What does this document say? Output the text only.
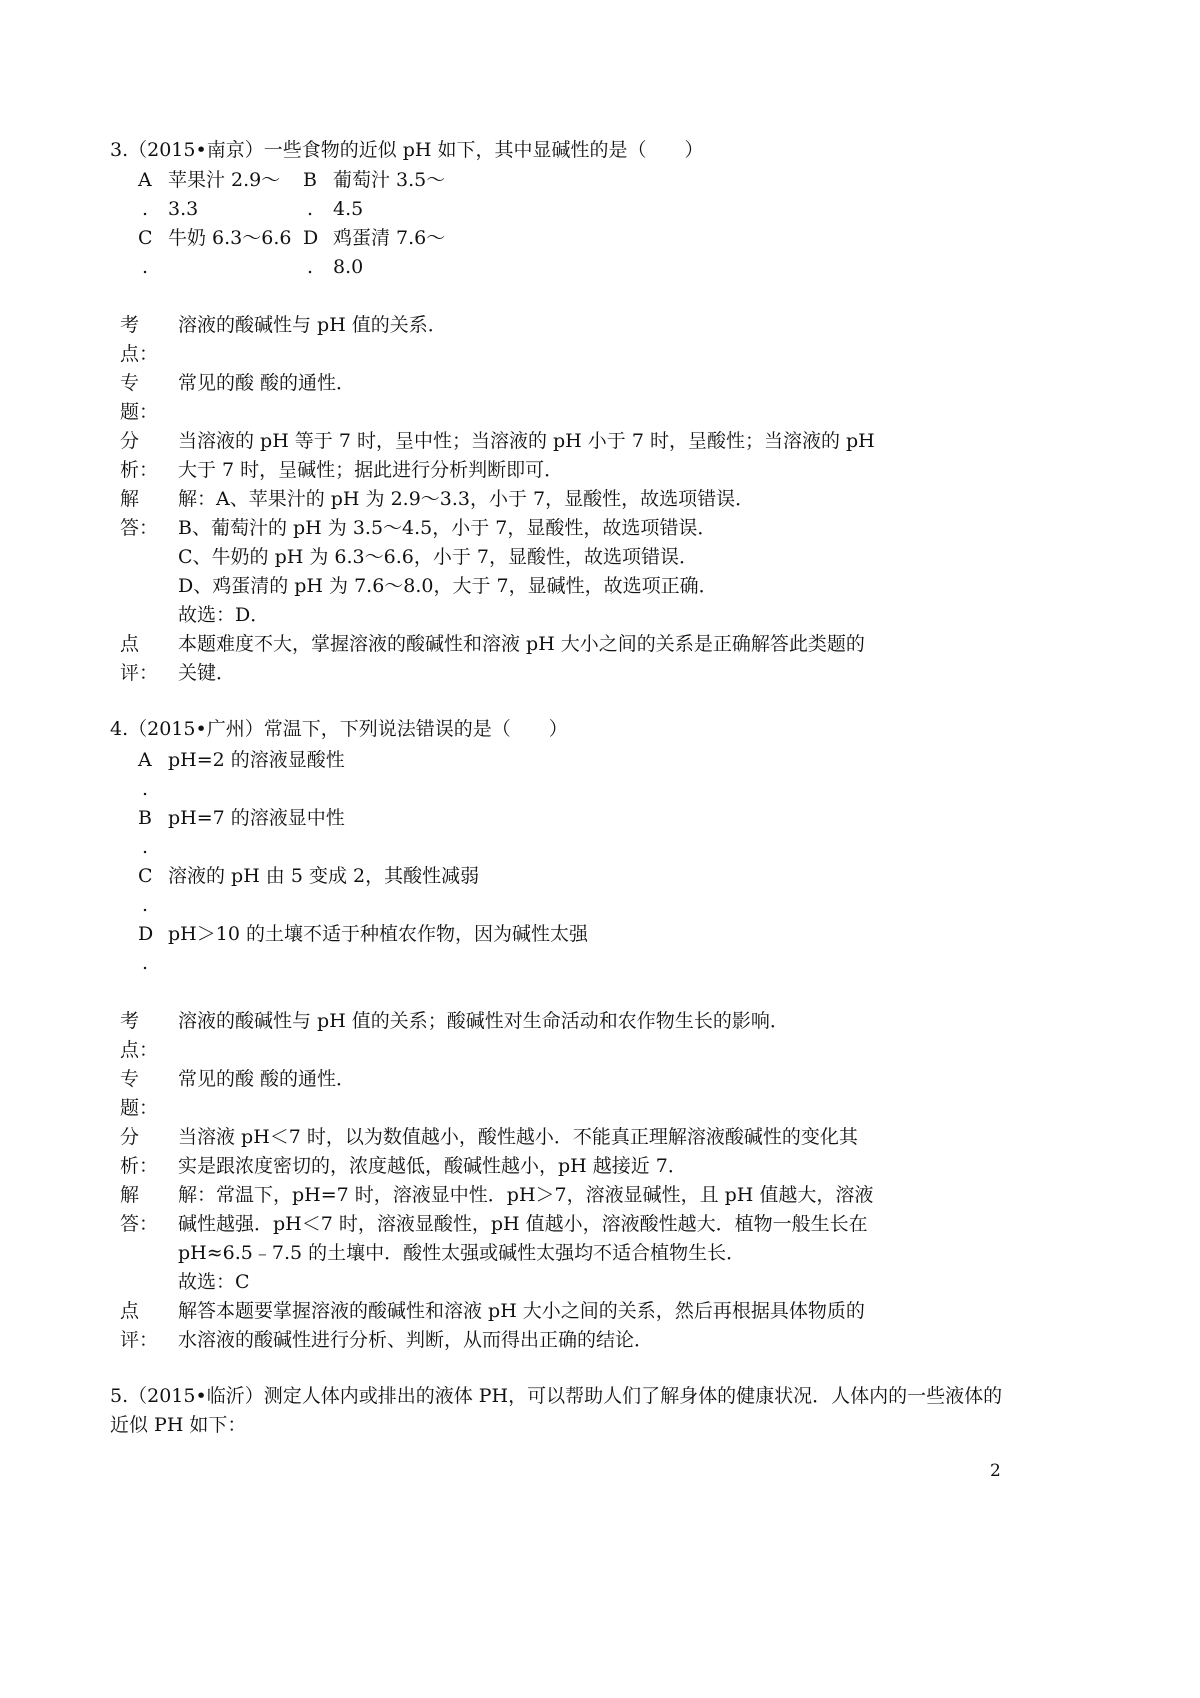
3.（2015•南京）一些食物的近似 pH 如下，其中显碱性的是（　　）
A 苹果汁 2.9～
. 3.3
B 葡萄汁 3.5～
. 4.5
C 牛奶 6.3～6.6
.
D 鸡蛋清 7.6～
. 8.0
考
点：
溶液的酸碱性与 pH 值的关系．
专
题：
常见的酸 酸的通性．
分
析：
当溶液的 pH 等于 7 时，呈中性；当溶液的 pH 小于 7 时，呈酸性；当溶液的 pH
大于 7 时，呈碱性；据此进行分析判断即可．
解
答：
解：A、苹果汁的 pH 为 2.9～3.3，小于 7，显酸性，故选项错误．
B、葡萄汁的 pH 为 3.5～4.5，小于 7，显酸性，故选项错误．
C、牛奶的 pH 为 6.3～6.6，小于 7，显酸性，故选项错误．
D、鸡蛋清的 pH 为 7.6～8.0，大于 7，显碱性，故选项正确．
故选：D．
点
评：
本题难度不大，掌握溶液的酸碱性和溶液 pH 大小之间的关系是正确解答此类题的
关键．
4.（2015•广州）常温下，下列说法错误的是（　　）
A pH=2 的溶液显酸性
.
B pH=7 的溶液显中性
.
C 溶液的 pH 由 5 变成 2，其酸性减弱
.
D pH＞10 的土壤不适于种植农作物，因为碱性太强
.
考
点：
溶液的酸碱性与 pH 值的关系；酸碱性对生命活动和农作物生长的影响．
专
题：
常见的酸 酸的通性．
分
析：
当溶液 pH＜7 时，以为数值越小，酸性越小．不能真正理解溶液酸碱性的变化其
实是跟浓度密切的，浓度越低，酸碱性越小，pH 越接近 7．
解
答：
解：常温下，pH=7 时，溶液显中性．pH＞7，溶液显碱性，且 pH 值越大，溶液
碱性越强．pH＜7 时，溶液显酸性，pH 值越小，溶液酸性越大．植物一般生长在
pH≈6.5﹣7.5 的土壤中．酸性太强或碱性太强均不适合植物生长．
故选：C
点
评：
解答本题要掌握溶液的酸碱性和溶液 pH 大小之间的关系，然后再根据具体物质的
水溶液的酸碱性进行分析、判断，从而得出正确的结论．
5.（2015•临沂）测定人体内或排出的液体 PH，可以帮助人们了解身体的健康状况．人体内的一些液体的
近似 PH 如下：
2
